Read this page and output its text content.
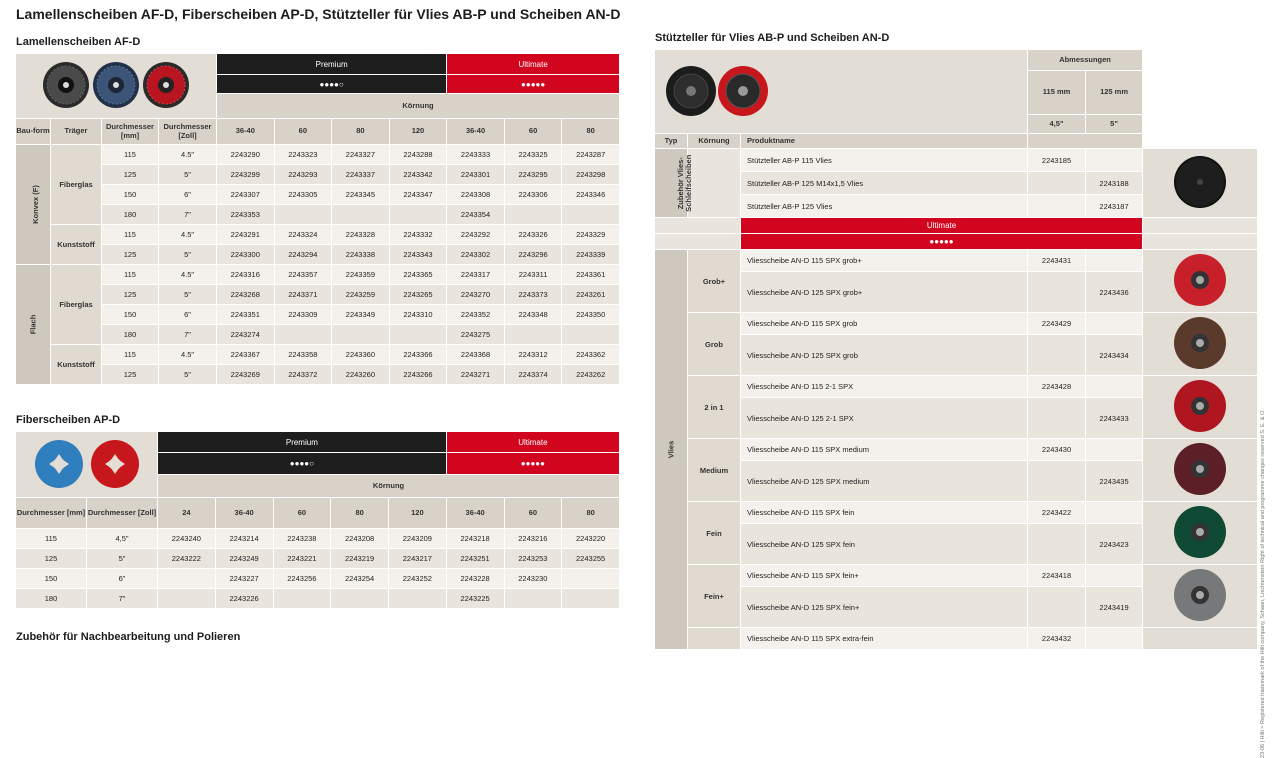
Lamellenscheiben AF-D, Fiberscheiben AP-D, Stützteller für Vlies AB-P und Scheiben AN-D
Lamellenscheiben AF-D
	Premium				Ultimate		
				●●●●○				●●●●●		
				Körnung						
Bau-form	Träger	Durchmesser [mm]	Durchmesser [Zoll]	36-40	60	80	120	36-40	60	80
Konvex (F)	Fiberglas	115	4.5"	2243290	2243323	2243327	2243288	2243333	2243325	2243287
		125	5"	2243299	2243293	2243337	2243342	2243301	2243295	2243298
		150	6"	2243307	2243305	2243345	2243347	2243308	2243306	2243346
		180	7"	2243353				2243354		
	Kunststoff	115	4.5"	2243291	2243324	2243328	2243332	2243292	2243326	2243329
		125	5"	2243300	2243294	2243338	2243343	2243302	2243296	2243339
Flach	Fiberglas	115	4.5"	2243316	2243357	2243359	2243365	2243317	2243311	2243361
		125	5"	2243268	2243371	2243259	2243265	2243270	2243373	2243261
		150	6"	2243351	2243309	2243349	2243310	2243352	2243348	2243350
		180	7"	2243274				2243275		
	Kunststoff	115	4.5"	2243367	2243358	2243360	2243366	2243368	2243312	2243362
		125	5"	2243269	2243372	2243260	2243266	2243271	2243374	2243262
Fiberscheiben AP-D
	Premium					Ultimate		
		●●●●○					●●●●●		
		Körnung							
Durchmesser [mm]	Durchmesser [Zoll]	24	36-40	60	80	120	36-40	60	80
115	4,5"	2243240	2243214	2243238	2243208	2243209	2243218	2243216	2243220
125	5"	2243222	2243249	2243221	2243219	2243217	2243251	2243253	2243255
150	6"		2243227	2243256	2243254	2243252	2243228	2243230	
180	7"		2243226				2243225		
Zubehör für Nachbearbeitung und Polieren
Stützteller für Vlies AB-P und Scheiben AN-D
	Abmessungen		
			115 mm	125 mm	
			4,5"	5"	
Typ	Körnung	Produktname			
Zubehör Vlies-Schleifscheiben		Stützteller AB-P 115 Vlies	2243185		
		Stützteller AB-P 125 M14x1,5 Vlies		2243188	
		Stützteller AB-P 125 Vlies		2243187	
		Ultimate			
		●●●●●			
Vlies	Grob+	Vliesscheibe AN-D 115 SPX grob+	2243431		
		Vliesscheibe AN-D 125 SPX grob+		2243436	
	Grob	Vliesscheibe AN-D 115 SPX grob	2243429		
		Vliesscheibe AN-D 125 SPX grob		2243434	
	2 in 1	Vliesscheibe AN-D 115 2-1 SPX	2243428		
		Vliesscheibe AN-D 125 2-1 SPX		2243433	
	Medium	Vliesscheibe AN-D 115 SPX medium	2243430		
		Vliesscheibe AN-D 125 SPX medium		2243435	
	Fein	Vliesscheibe AN-D 115 SPX fein	2243422		
		Vliesscheibe AN-D 125 SPX fein		2243423	
	Fein+	Vliesscheibe AN-D 115 SPX fein+	2243418		
		Vliesscheibe AN-D 125 SPX fein+		2243419	
		Vliesscheibe AN-D 115 SPX extra-fein	2243432			23-06 | Hilti = Registered trademark of the Hilti company, Schaan, Liechtenstein Right of technical and programme changes reserved S. E. & O.
